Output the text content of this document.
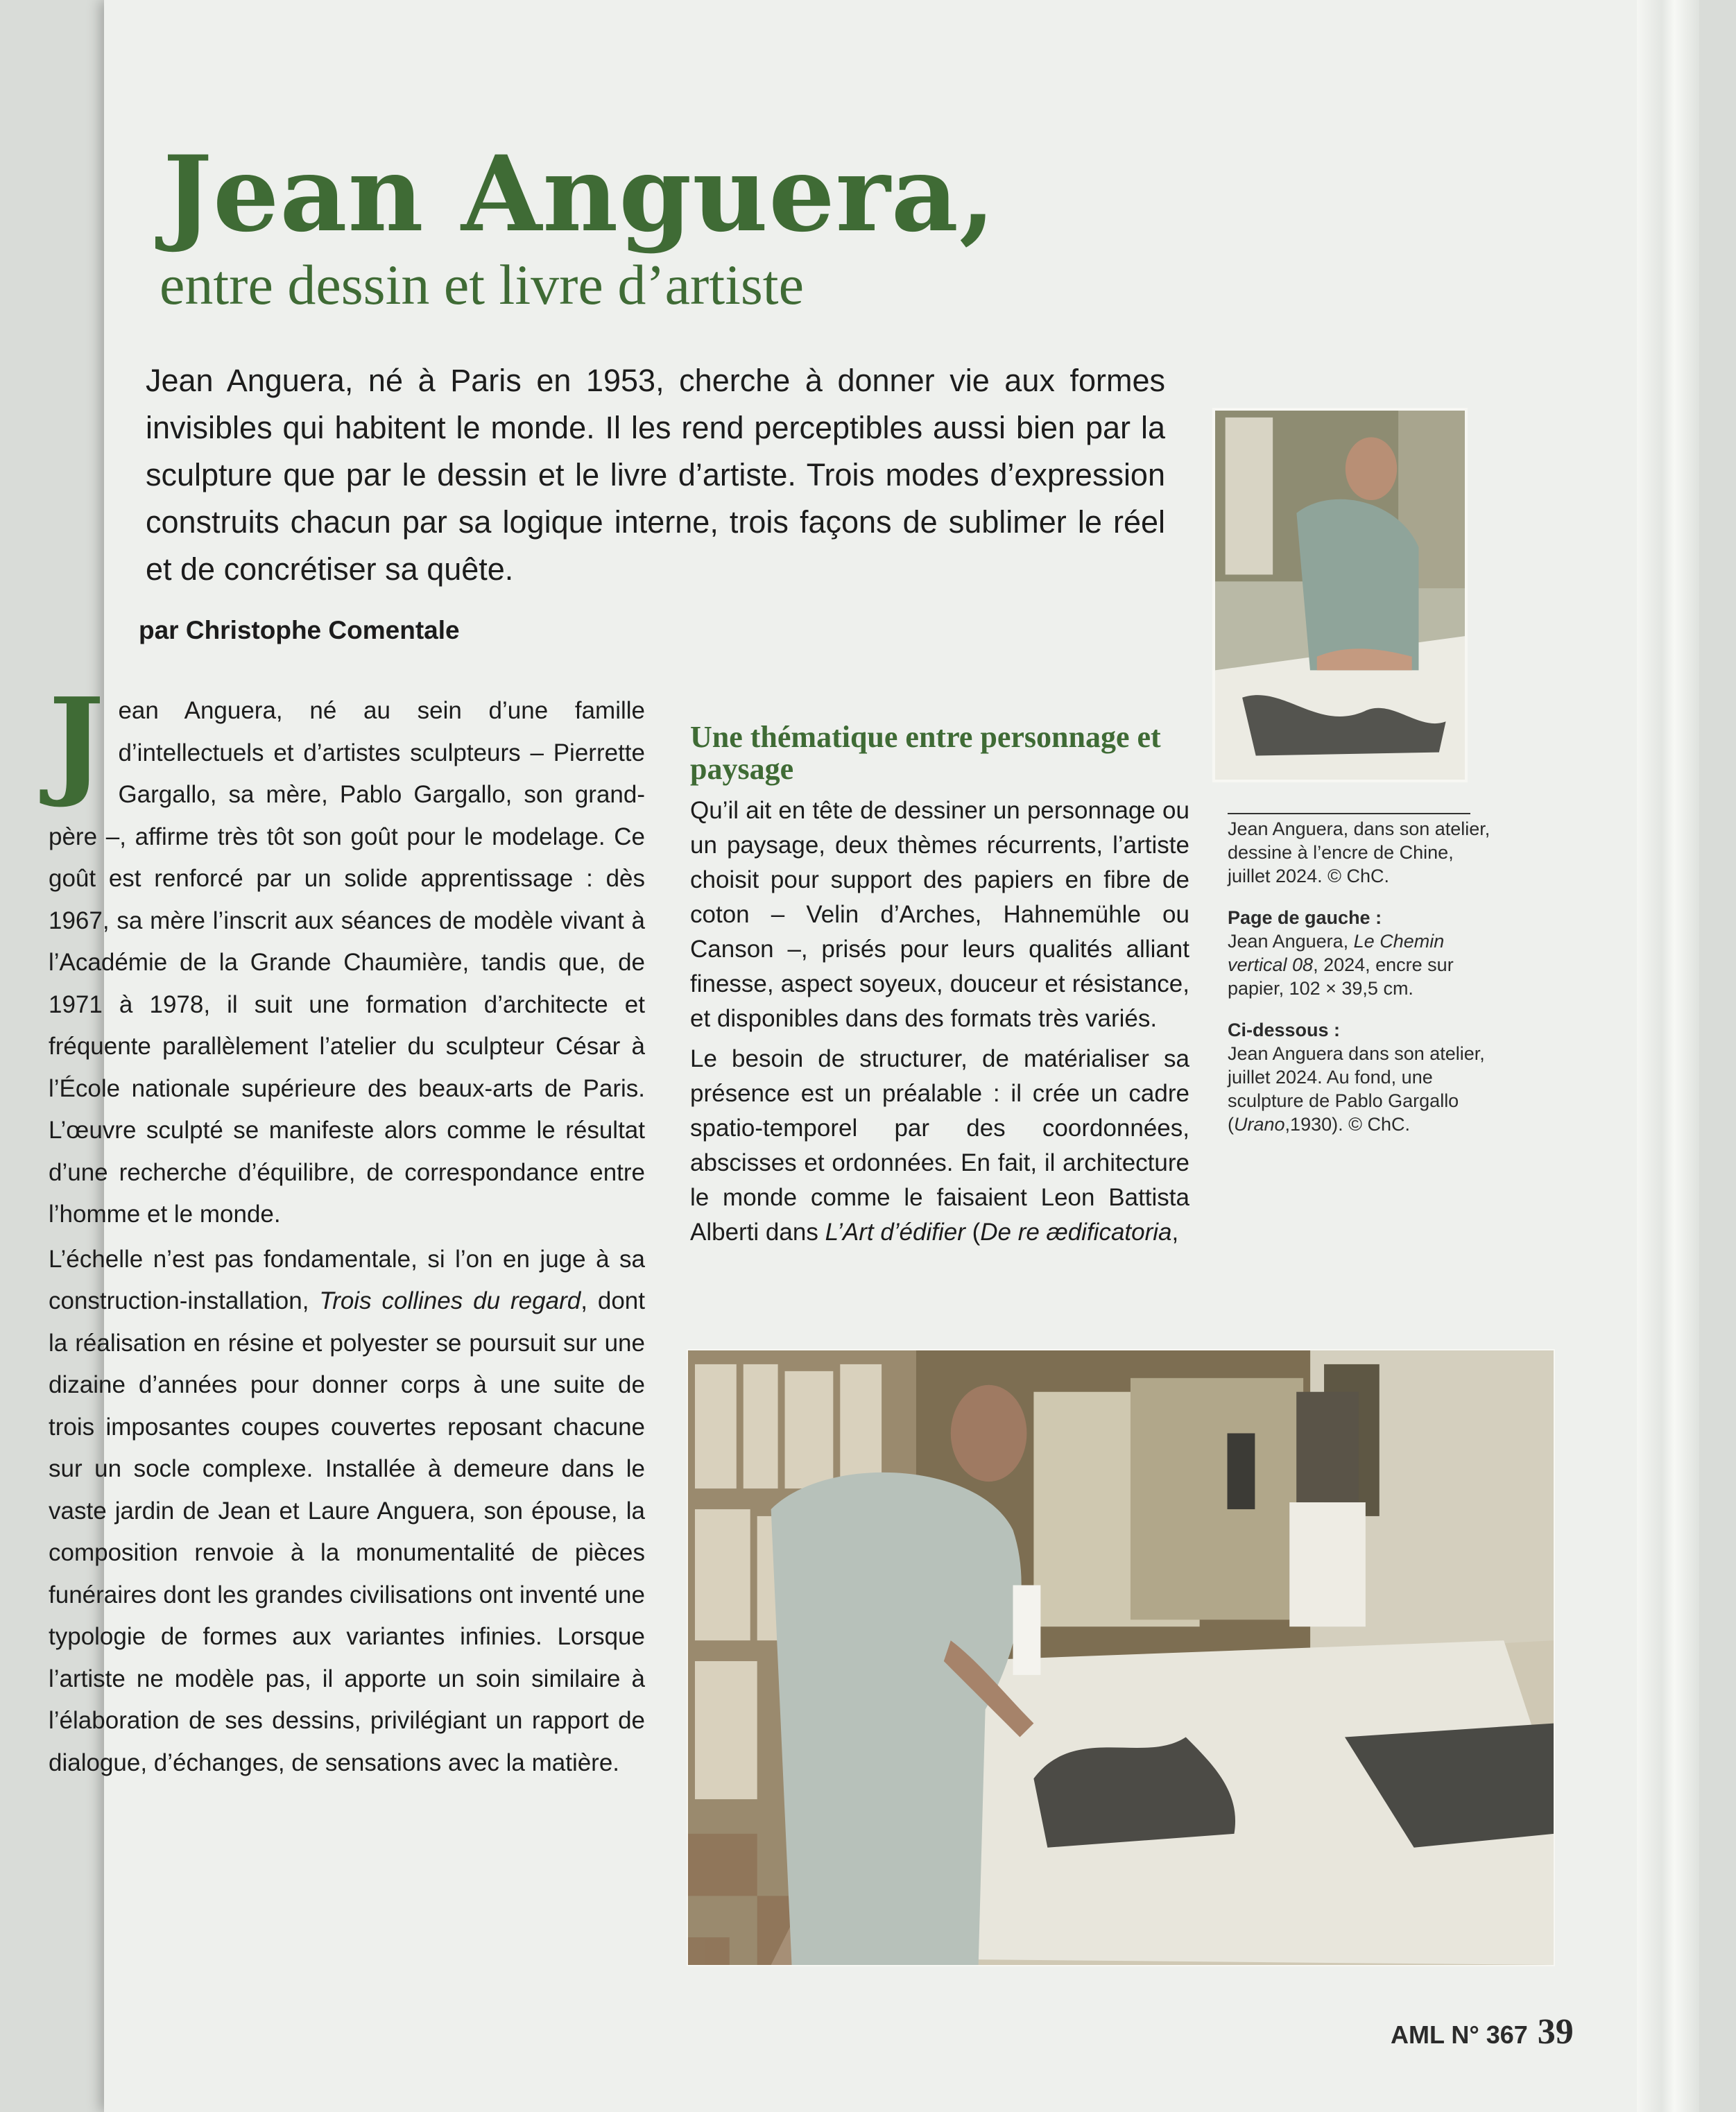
Jean Anguera,
entre dessin et livre d’artiste

Jean Anguera, né à Paris en 1953, cherche à donner vie aux formes invisibles qui habitent le monde. Il les rend perceptibles aussi bien par la sculpture que par le dessin et le livre d’artiste. Trois modes d’expression construits chacun par sa logique interne, trois façons de sublimer le réel et de concrétiser sa quête.

par Christophe Comentale

J ean Anguera, né au sein d’une famille d’intellectuels et d’artistes sculpteurs – Pierrette Gargallo, sa mère, Pablo Gargallo, son grand-père –, affirme très tôt son goût pour le modelage. Ce goût est renforcé par un solide apprentissage : dès 1967, sa mère l’inscrit aux séances de modèle vivant à l’Académie de la Grande Chaumière, tandis que, de 1971 à 1978, il suit une formation d’architecte et fréquente parallèlement l’atelier du sculpteur César à l’École nationale supérieure des beaux-arts de Paris. L’œuvre sculpté se manifeste alors comme le résultat d’une recherche d’équilibre, de correspondance entre l’homme et le monde.

L’échelle n’est pas fondamentale, si l’on en juge à sa construction-installation, Trois collines du regard, dont la réalisation en résine et polyester se poursuit sur une dizaine d’années pour donner corps à une suite de trois imposantes coupes couvertes reposant chacune sur un socle complexe. Installée à demeure dans le vaste jardin de Jean et Laure Anguera, son épouse, la composition renvoie à la monumentalité de pièces funéraires dont les grandes civilisations ont inventé une typologie de formes aux variantes infinies. Lorsque l’artiste ne modèle pas, il apporte un soin similaire à l’élaboration de ses dessins, privilégiant un rapport de dialogue, d’échanges, de sensations avec la matière.

Une thématique entre personnage et paysage

Qu’il ait en tête de dessiner un personnage ou un paysage, deux thèmes récurrents, l’artiste choisit pour support des papiers en fibre de coton – Velin d’Arches, Hahnemühle ou Canson –, prisés pour leurs qualités alliant finesse, aspect soyeux, douceur et résistance, et disponibles dans des formats très variés.

Le besoin de structurer, de matérialiser sa présence est un préalable : il crée un cadre spatio-temporel par des coordonnées, abscisses et ordonnées. En fait, il architecture le monde comme le faisaient Leon Battista Alberti dans L’Art d’édifier (De re ædificatoria,

Jean Anguera, dans son atelier, dessine à l’encre de Chine, juillet 2024. © ChC.

Page de gauche :
Jean Anguera, Le Chemin vertical 08, 2024, encre sur papier, 102 × 39,5 cm.

Ci-dessous :
Jean Anguera dans son atelier, juillet 2024. Au fond, une sculpture de Pablo Gargallo (Urano,1930). © ChC.

AML N° 367 39
